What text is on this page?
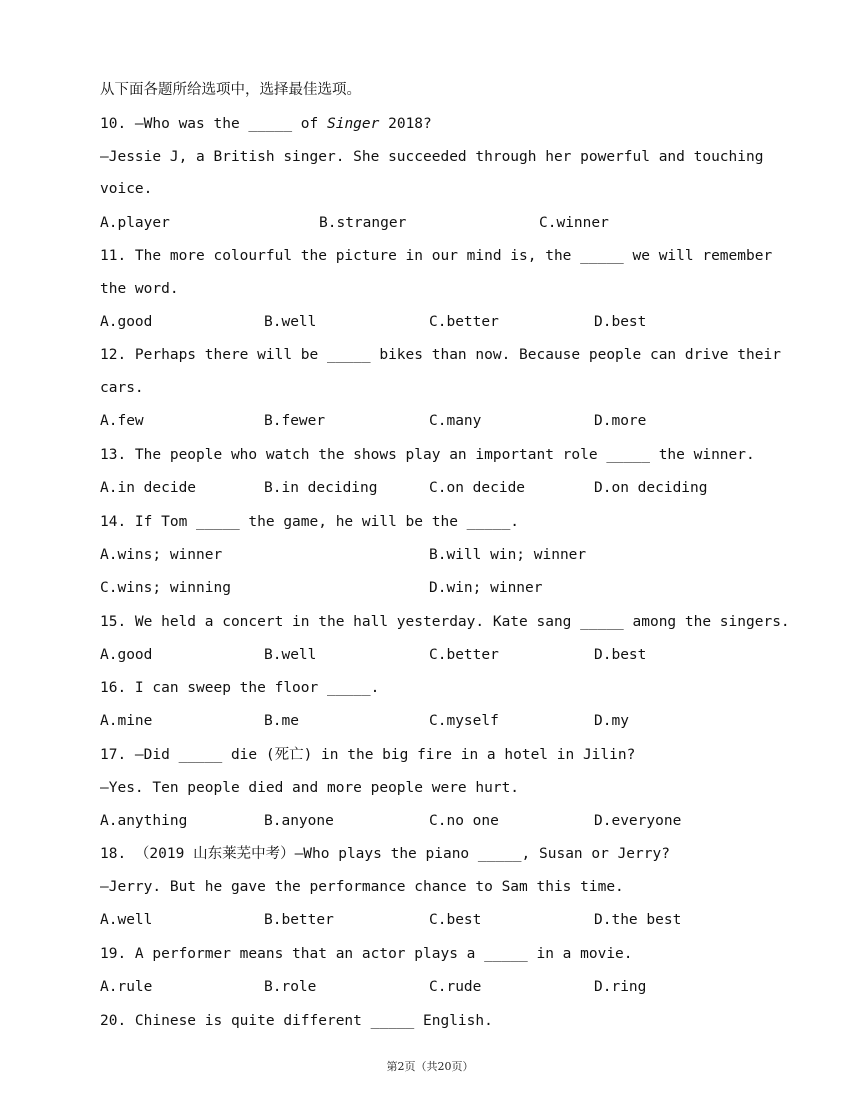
从下面各题所给选项中，选择最佳选项。
10. —Who was the _____ of Singer 2018?
—Jessie J, a British singer. She succeeded through her powerful and touching
voice.
A.player	B.stranger	C.winner
11. The more colourful the picture in our mind is, the _____ we will remember
the word.
A.good	B.well	C.better	D.best
12. Perhaps there will be _____ bikes than now. Because people can drive their
cars.
A.few	B.fewer	C.many	D.more
13. The people who watch the shows play an important role _____ the winner.
A.in decide	B.in deciding	C.on decide	D.on deciding
14. If Tom _____ the game, he will be the _____.
A.wins; winner	B.will win; winner
C.wins; winning	D.win; winner
15. We held a concert in the hall yesterday. Kate sang _____ among the singers.
A.good	B.well	C.better	D.best
16. I can sweep the floor _____.
A.mine	B.me	C.myself	D.my
17. —Did _____ die (死亡) in the big fire in a hotel in Jilin?
—Yes. Ten people died and more people were hurt.
A.anything	B.anyone	C.no one	D.everyone
18. （2019 山东莱芜中考）—Who plays the piano _____, Susan or Jerry?
—Jerry. But he gave the performance chance to Sam this time.
A.well	B.better	C.best	D.the best
19. A performer means that an actor plays a _____ in a movie.
A.rule	B.role	C.rude	D.ring
20. Chinese is quite different _____ English.
第2页（共20页）
